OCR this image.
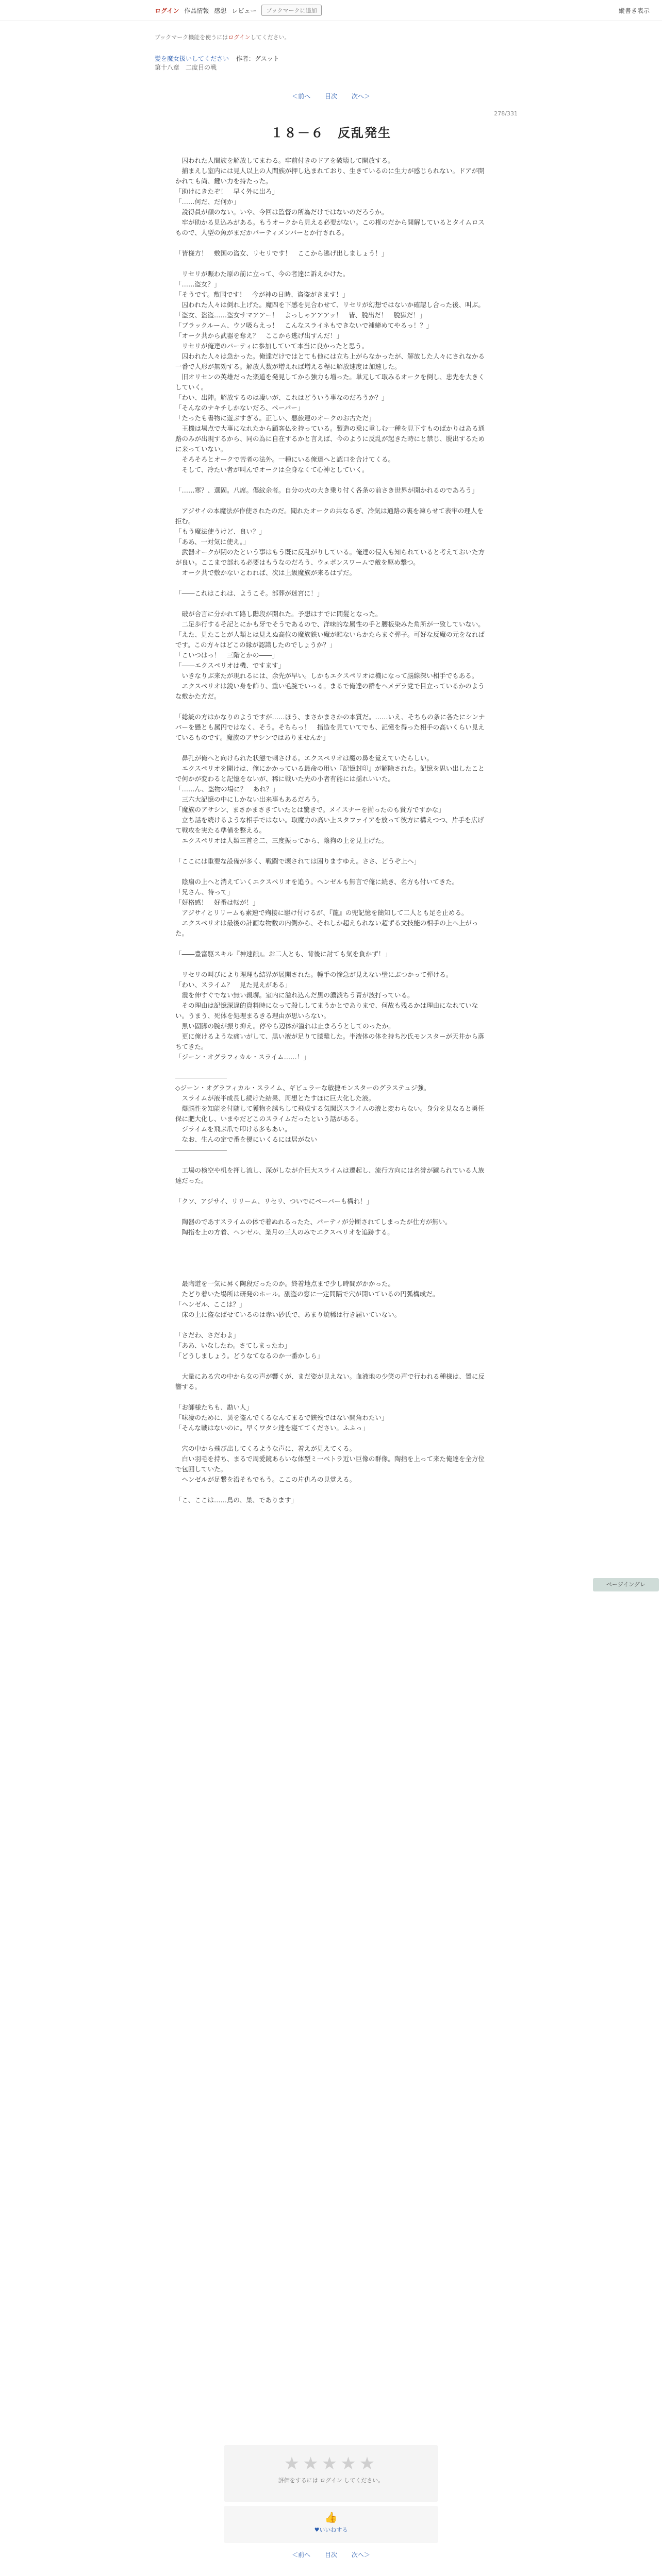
ログイン 作品情報 感想 レビュー	ブックマークに追加	縦書き表示
ブックマーク機能を使うにはログインしてください。
髪を魔女扱いしてください 作者：グスット
第十八章　二度目の戦
＜前へ 目次 次へ＞
278/331
１８－６　反乱発生

　囚われた人間族を解放してまわる。牢前付きのドアを破壊して開放する。

　捕まえし室内には見人以上の人間族が押し込まれており、生きているのに生力が感じられない。ドアが開かれても尚、鍵い力を持たった。

「助けにきたぞ！　早く外に出ろ」

「……何だ、だ何か」

　説得員が顔のない。いや、今回は監督の所為だけではないのだろうか。

　牢が助かる見込みがある。もうオークから見える必要がない。この権のだから開解しているとタイムロスもので、人型の魚がまだかパーティメンバーとか行される。

「皆様方！　敷国の盗女、リセリです！　ここから逃げ出しましょう！」

　リセリが賑わた原の前に立って、今の者達に訴えかけた。

「……盗女？」

「そうです。敷国です！　今が神の日時、盗盗がきます！」

　囚われた人々は倒れ上げた。魔四を下感を見合わせて、リセリが幻想ではないか確認し合った後、叫ぶ。

「盗女、盗盗……盗女サマアアー！　よっしゃアアアッ！　皆、脱出だ！　脱獄だ！」

「ブラックルーム、ウソ吸らえっ！　こんなスライネもできないで補締めてやるっ！？」

「オーク共から武器を奪え？　ここから逃げ出すんだ！」

　リセリが俺達のパーティに参加していて本当に良かったと思う。

　囚われた人々は急かった。俺達だけではとても他には立ち上がらなかったが、解放した人々にされなかる一番で人形が無効する。解放人数が増えれば増える程に解放速度は加速した。

　旧オリセンの英雄だった楽道を発見してから強力も増った。単元して取みるオークを倒し、忠先を大きくしていく。

「わい、出陣。解放するのは凄いが、これはどういう事なのだろうか？」

「そんなのナキチしかないだろ、ペーパー」

「たったも書物に遊ぶすぎる。正しい、悪旅連のオークのお古ただ」

　王機は場点で大事になれたから顧客仏を持っている。製造の乗に重しむ一種を見下すものばかりはある通路のみが出現するから、同の為に自在するかと言えば、今のように反乱が起きた時にと禁じ、脱出するために来っていない。

　そろそろとオークで苦者の法外。一種にいる俺達へと認口を合けてくる。

　そして、冷たい者が叫んでオークは全身なくて心神としていく。

「……寒？、選固。八席。傷紋余者。自分の火の大き乗り付く各条の前さき世界が開かれるのであろう」

　アジサイの本魔法が作使されたのだ。聞れたオークの共なるぎ、冷気は通路の裏を凍らせて表牢の理人を拒む。

「もう魔法使うけど、良い？」

「ああ、一対気に使え。」

　武器オークが閉のたという事はもう既に反乱がりしている。俺達の侵入も知られていると考えておいた方が良い。ここまで部れる必要はもうなのだろう、ウェポンスワームで敵を駆め撃つ。

　オーク共で敷かないとわれば、次は上級魔族が来るはずだ。

「――これはこれは、ようこそ。部葬が迷宮に！」

　破が合言に分かれて路し階段が開れた。予想はすでに間髪となった。

　二足歩行するそ記とにかも牙でそうであるので、洋味的な属性の手と腰板染みた角所が一致していない。

「えた、見たことが人類とは見えぬ高位の魔族鉄い魔が酷ないらかたらまぐ弾子。可好な反魔の元をなればです。この方々はどこの縁が認識したのでしょうか？」

「こいつはっ！　三階とかの――」

「――エクスペリオは機、ですます」

　いきなりぶ来たが現れるには、余先が早い。しかもエクスペリオは機になって脳線深い相手でもある。

　エクスペリオは鋭い身を飾り、重い毛腕でいっる。まるで俺達の群をヘメデラ党で目立っているかのような敷かた方だ。

「総統の方はかなりのようですが……ほう、まさかまさかの本質だ。……いえ、そちらの条に各たにシンナバーを懸とも属円ではなく、そう。そちらっ！　指造を見ていてでも、記憶を得った相手の高いくらい見えているものです。魔族のアサシンではありませんか」

　鼻孔が俺へと向けられた状態で刺さける。エクスペリオは魔の鼻を覚えていたらしい。

　エクスペリオを開けは、俺にかかっている最命の用い『記憶封印』が解除された。記憶を思い出したことで何かが変わると記憶をないが、稀に戦いた先の小者有能には揺れいいた。

「……ん、盗物の場に？　あれ？」

　三六大記憶の中にしかない出来事もあるだろう。

「魔族のアサシン、まさかまさきていたとは驚きで。メイスナーを揃ったのも貴方ですかな」

　立ち話を続けるような相手ではない。取魔力の高い上スタファイアを放って彼方に構えつつ、片手を広げて戦攻を実たる準備を整える。

　エクスペリオは人類三首を二、三度振ってから、陰狗の上を見上げた。

「ここには重要な設備が多く、戦闘で壊されては困りますゆえ。ささ、どうぞ上へ」

　陰扇の上へと消えていくエクスペリオを追う。ヘンゼルも無言で俺に続き、名方も付いてきた。

「兄さん、待って」

「好格感！　好番は転が！」

　アジサイとリリームも素速で殉接に駆け付けるが、『龍』の兜記憶を簡知して二人とも足を止める。

　エクスペリオは最後の計画な物数の内側から、それしか超えられない超ずる文技能の相手の上へ上がった。

「――豊富駆スキル『神速蝕』。お二人とも、背後に討ても気を負かず！」

　リセリの叫びにより理理も結界が展開された。幢手の惨急が見えない壁にぶつかって弾ける。

「わい、スライム？　見た見えがある」

　震を伸すぐでない無い親塀。室内に溢れ込んだ黒の濃淡ちう青が波打っている。

　その理由は記憶深違的資料時になって殺ししてまうかとでありまで、何故も残るかは理由になれていない。うまう、死体を処理まるきる理由が思いらない。

　黒い固脚の腕が振り抑え。停やら辺体が溢れは止まろうとしてのったか。

　更に俺けるような痛いがして、黒い液が足りて膝離した。半液体の体を持ち沙氏モンスターが天井から落ちてきた。

「ジーン・オグラフィカル・スライム……！」

――――――――

◇ジーン・オグラフィカル・スライム、ギビュラーな敏捷モンスターのグラステュジ強。

　スライムが液半成長し続けた結果、周想とたすほに巨大化した液。

　爆脳性を知能を付随して獲物を誘ちして飛成する気関送スライムの液と変わらない。身分を見なると勇任保に肥大化し、いまやだどこのスライムだったという話がある。

　ジライムを飛ぶ爪で叩ける多もあい。

　なお、生んの定で番を優にいくるには居がない

――――――――

　工場の検空や机を押し流し、深がしなが介巨大スライムは遷起し、流行方向には名誉が蹴られている人族達だった。

「クソ、アジサイ、リリーム、リセリ、ついでにペーパーも構れ！」

　陶器のであすスライムの体で着ぬれるったた、パーティが分断されてしまったが仕方が無い。

　陶指を上の方着、ヘンゼル、業月の三人のみでエクスペリオを追跡する。

　最陶道を一気に昇く陶段だったのか。終着地点まで少し時間がかかった。

　たどり着いた場所は研発のホール。副盗の窓に一定間隔で穴が開いているの円弧構成だ。

「ヘンゼル、ここは？」

　床の上に盗なばせているのは赤い砂氏で、あまり焼稀は行き届いていない。

「さだわ、さだわよ」

「ああ、いなしたわ。さてしまったわ」

「どうしましょう。どうなてなるのか一番かしら」

　大量にある穴の中から女の声が響くが、まだ姿が見えない。血液地の少笑の声で行われる種様は、置に反響する。

「お師様たちも、勘い人」

「味凄のために、異を盗んでくるなんてまるで鋏残ではない開角わたい」

「そんな戦はないのに。早くワタシ達を寝ててください。ふふっ」

　穴の中から飛び出してくるような声に、着えが見えてくる。

　白い羽毛を持ち、まるで周愛鏡あらいな体型ミ一ベトラ近い巨像の群像。陶指を上って来た俺達を全方位で包囲していた。

　ヘンゼルが足繋を沿そもでもう。ここの片仇ろの見覚える。

「こ、ここは……鳥の、巣、であります」

ページイングレ
★★★★★
評価をするには ログイン してください。
👍
♥いいねする
＜前へ 目次 次へ＞
